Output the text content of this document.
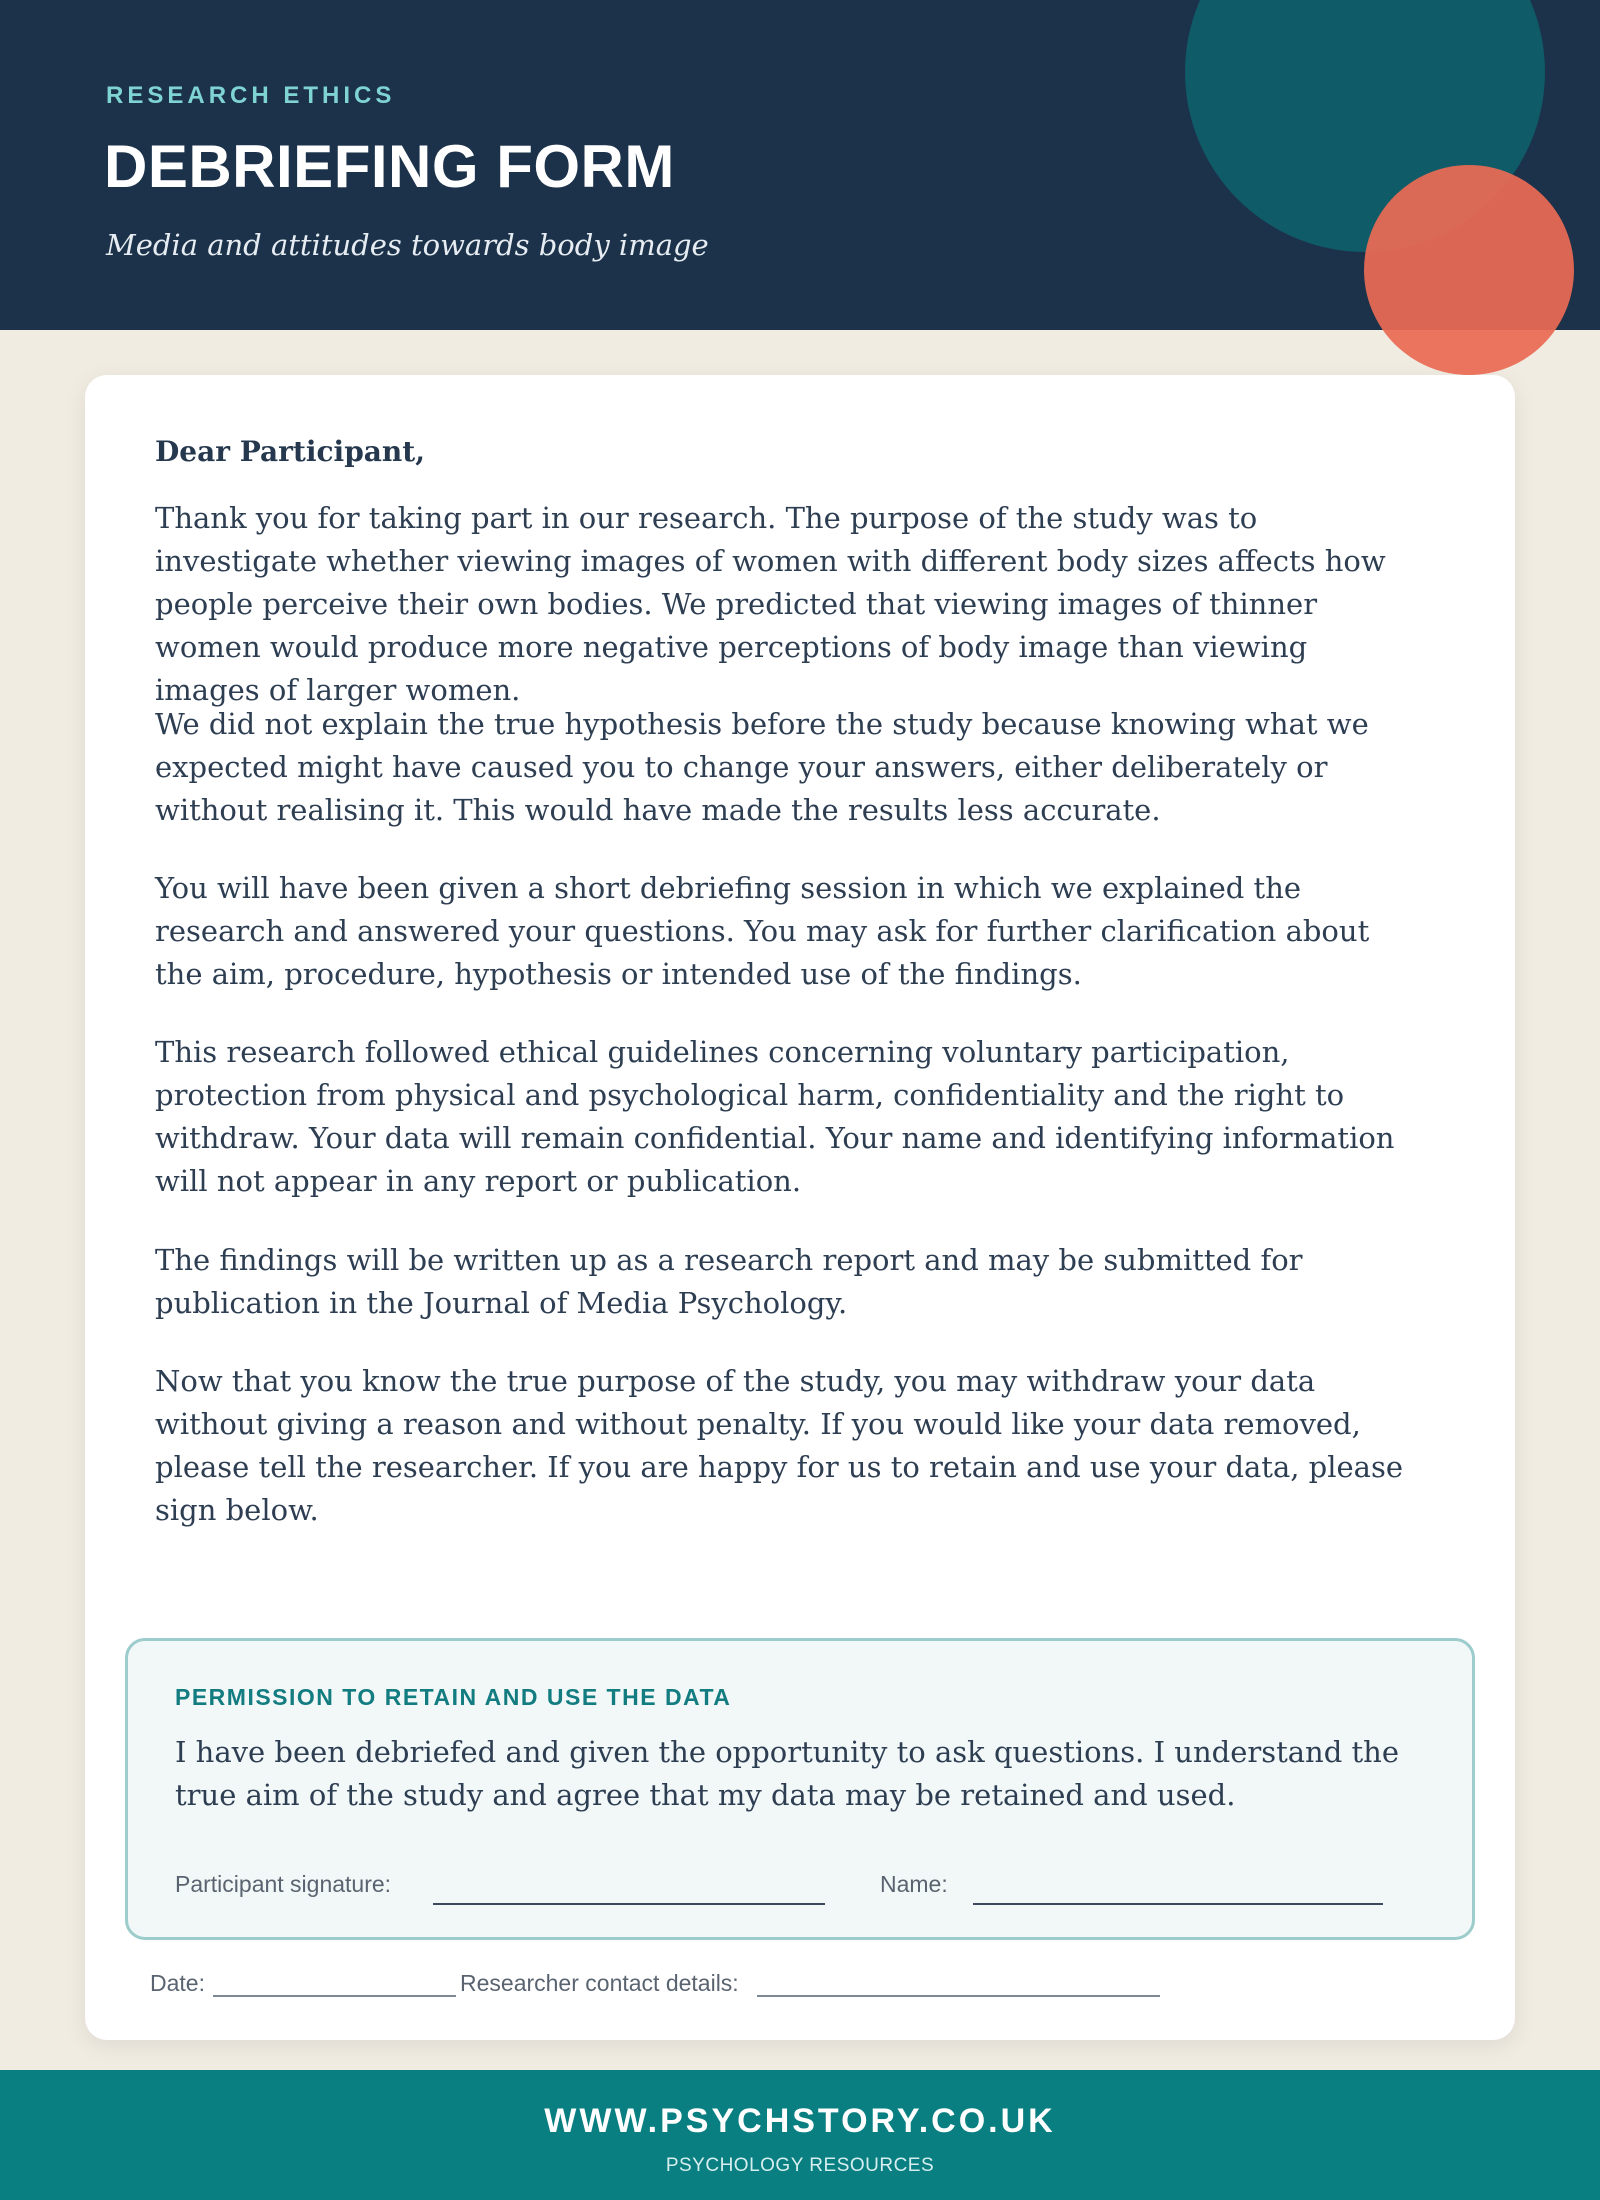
RESEARCH ETHICS
DEBRIEFING FORM
Media and attitudes towards body image
Dear Participant,

Thank you for taking part in our research. The purpose of the study was to investigate whether viewing images of women with different body sizes affects how people perceive their own bodies. We predicted that viewing images of thinner women would produce more negative perceptions of body image than viewing images of larger women.

We did not explain the true hypothesis before the study because knowing what we expected might have caused you to change your answers, either deliberately or without realising it. This would have made the results less accurate.

You will have been given a short debriefing session in which we explained the research and answered your questions. You may ask for further clarification about the aim, procedure, hypothesis or intended use of the findings.

This research followed ethical guidelines concerning voluntary participation, protection from physical and psychological harm, confidentiality and the right to withdraw. Your data will remain confidential. Your name and identifying information will not appear in any report or publication.

The findings will be written up as a research report and may be submitted for publication in the Journal of Media Psychology.

Now that you know the true purpose of the study, you may withdraw your data without giving a reason and without penalty. If you would like your data removed, please tell the researcher. If you are happy for us to retain and use your data, please sign below.

PERMISSION TO RETAIN AND USE THE DATA

I have been debriefed and given the opportunity to ask questions. I understand the true aim of the study and agree that my data may be retained and used.

Participant signature:	Name:
Date:	Researcher contact details:
WWW.PSYCHSTORY.CO.UK
PSYCHOLOGY RESOURCES
